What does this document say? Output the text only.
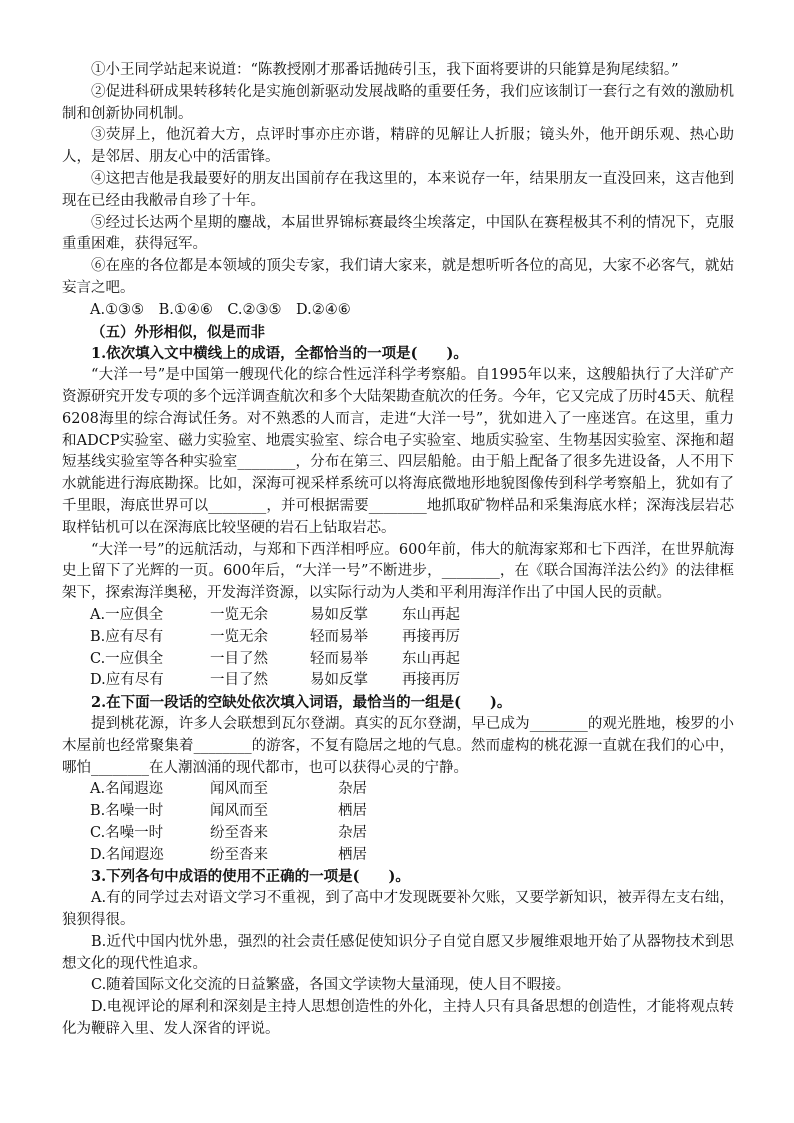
①小王同学站起来说道：“陈教授刚才那番话抛砖引玉，我下面将要讲的只能算是狗尾续貂。”

②促进科研成果转移转化是实施创新驱动发展战略的重要任务，我们应该制订一套行之有效的激励机制和创新协同机制。

③荧屏上，他沉着大方，点评时事亦庄亦谐，精辟的见解让人折服；镜头外，他开朗乐观、热心助人，是邻居、朋友心中的活雷锋。

④这把吉他是我最要好的朋友出国前存在我这里的，本来说存一年，结果朋友一直没回来，这吉他到现在已经由我敝帚自珍了十年。

⑤经过长达两个星期的鏖战，本届世界锦标赛最终尘埃落定，中国队在赛程极其不利的情况下，克服重重困难，获得冠军。

⑥在座的各位都是本领域的顶尖专家，我们请大家来，就是想听听各位的高见，大家不必客气，就姑妄言之吧。

A.①③⑤　B.①④⑥　C.②③⑤　D.②④⑥

（五）外形相似，似是而非

1.依次填入文中横线上的成语，全都恰当的一项是(　　)。

“大洋一号”是中国第一艘现代化的综合性远洋科学考察船。自1995年以来，这艘船执行了大洋矿产资源研究开发专项的多个远洋调查航次和多个大陆架勘查航次的任务。今年，它又完成了历时45天、航程6208海里的综合海试任务。对不熟悉的人而言，走进“大洋一号”，犹如进入了一座迷宫。在这里，重力和ADCP实验室、磁力实验室、地震实验室、综合电子实验室、地质实验室、生物基因实验室、深拖和超短基线实验室等各种实验室________，分布在第三、四层船舱。由于船上配备了很多先进设备，人不用下水就能进行海底勘探。比如，深海可视采样系统可以将海底微地形地貌图像传到科学考察船上，犹如有了千里眼，海底世界可以________，并可根据需要________地抓取矿物样品和采集海底水样；深海浅层岩芯取样钻机可以在深海底比较坚硬的岩石上钻取岩芯。

“大洋一号”的远航活动，与郑和下西洋相呼应。600年前，伟大的航海家郑和七下西洋，在世界航海史上留下了光辉的一页。600年后，“大洋一号”不断进步，________，在《联合国海洋法公约》的法律框架下，探索海洋奥秘，开发海洋资源，以实际行动为人类和平利用海洋作出了中国人民的贡献。

A.一应俱全	一览无余	易如反掌	东山再起
B.应有尽有	一览无余	轻而易举	再接再厉
C.一应俱全	一目了然	轻而易举	东山再起
D.应有尽有	一目了然	易如反掌	再接再厉

2.在下面一段话的空缺处依次填入词语，最恰当的一组是(　　)。

提到桃花源，许多人会联想到瓦尔登湖。真实的瓦尔登湖，早已成为________的观光胜地，梭罗的小木屋前也经常聚集着________的游客，不复有隐居之地的气息。然而虚构的桃花源一直就在我们的心中，哪怕________在人潮汹涌的现代都市，也可以获得心灵的宁静。

A.名闻遐迩	闻风而至	杂居
B.名噪一时	闻风而至	栖居
C.名噪一时	纷至沓来	杂居
D.名闻遐迩	纷至沓来	栖居

3.下列各句中成语的使用不正确的一项是(　　)。

A.有的同学过去对语文学习不重视，到了高中才发现既要补欠账，又要学新知识，被弄得左支右绌，狼狈得很。

B.近代中国内忧外患，强烈的社会责任感促使知识分子自觉自愿又步履维艰地开始了从器物技术到思想文化的现代性追求。

C.随着国际文化交流的日益繁盛，各国文学读物大量涌现，使人目不暇接。

D.电视评论的犀利和深刻是主持人思想创造性的外化，主持人只有具备思想的创造性，才能将观点转化为鞭辟入里、发人深省的评说。
